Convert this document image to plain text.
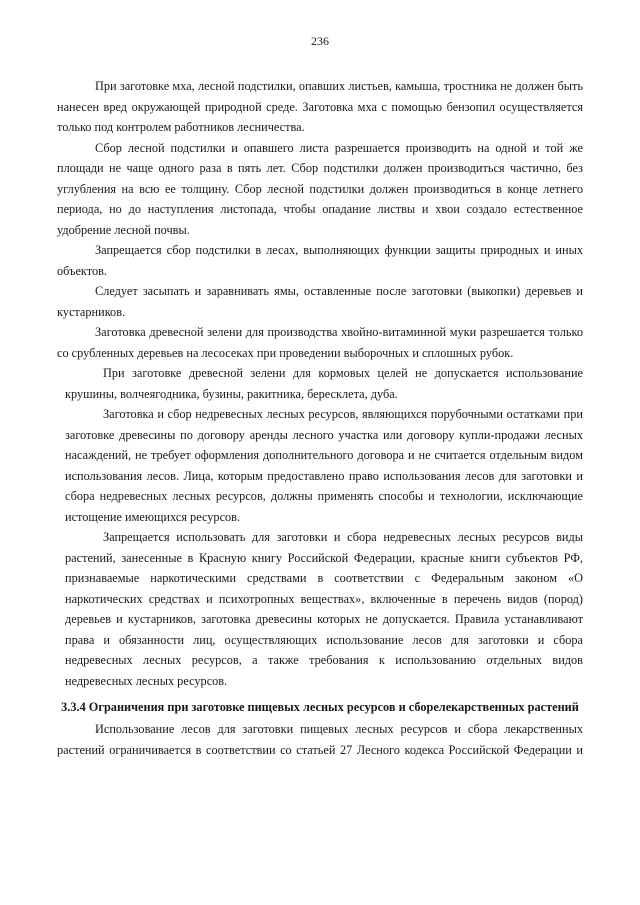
236

При заготовке мха, лесной подстилки, опавших листьев, камыша, тростника не должен быть нанесен вред окружающей природной среде. Заготовка мха с помощью бензопил осуществляется только под контролем работников лесничества.

Сбор лесной подстилки и опавшего листа разрешается производить на одной и той же площади не чаще одного раза в пять лет. Сбор подстилки должен производиться частично, без углубления на всю ее толщину. Сбор лесной подстилки должен производиться в конце летнего периода, но до наступления листопада, чтобы опадание листвы и хвои создало естественное удобрение лесной почвы.

Запрещается сбор подстилки в лесах, выполняющих функции защиты природных и иных объектов.

Следует засыпать и заравнивать ямы, оставленные после заготовки (выкопки) деревьев и кустарников.

Заготовка древесной зелени для производства хвойно-витаминной муки разрешается только со срубленных деревьев на лесосеках при проведении выборочных и сплошных рубок.

При заготовке древесной зелени для кормовых целей не допускается использование крушины, волчеягодника, бузины, ракитника, бересклета, дуба.

Заготовка и сбор недревесных лесных ресурсов, являющихся порубочными остатками при заготовке древесины по договору аренды лесного участка или договору купли-продажи лесных насаждений, не требует оформления дополнительного договора и не считается отдельным видом использования лесов. Лица, которым предоставлено право использования лесов для заготовки и сбора недревесных лесных ресурсов, должны применять способы и технологии, исключающие истощение имеющихся ресурсов.

Запрещается использовать для заготовки и сбора недревесных лесных ресурсов виды растений, занесенные в Красную книгу Российской Федерации, красные книги субъектов РФ, признаваемые наркотическими средствами в соответствии с Федеральным законом «О наркотических средствах и психотропных веществах», включенные в перечень видов (пород) деревьев и кустарников, заготовка древесины которых не допускается. Правила устанавливают права и обязанности лиц, осуществляющих использование лесов для заготовки и сбора недревесных лесных ресурсов, а также требования к использованию отдельных видов недревесных лесных ресурсов.

3.3.4 Ограничения при заготовке пищевых лесных ресурсов и сборелекарственных растений

Использование лесов для заготовки пищевых лесных ресурсов и сбора лекарственных растений ограничивается в соответствии со статьей 27 Лесного кодекса Российской Федерации и
